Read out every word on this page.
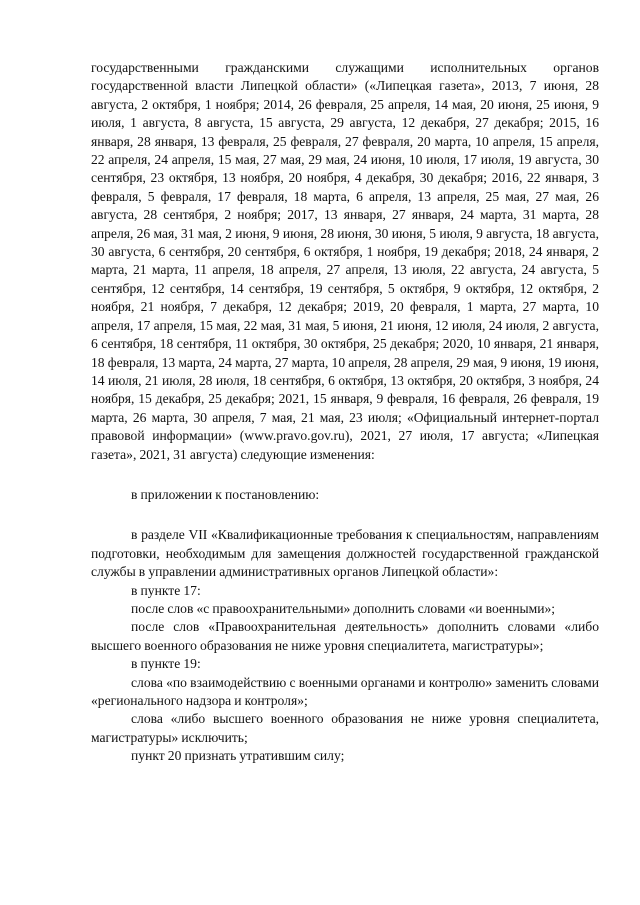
государственными гражданскими служащими исполнительных органов государственной власти Липецкой области» («Липецкая газета», 2013, 7 июня, 28 августа, 2 октября, 1 ноября; 2014, 26 февраля, 25 апреля, 14 мая, 20 июня, 25 июня, 9 июля, 1 августа, 8 августа, 15 августа, 29 августа, 12 декабря, 27 декабря; 2015, 16 января, 28 января, 13 февраля, 25 февраля, 27 февраля, 20 марта, 10 апреля, 15 апреля, 22 апреля, 24 апреля, 15 мая, 27 мая, 29 мая, 24 июня, 10 июля, 17 июля, 19 августа, 30 сентября, 23 октября, 13 ноября, 20 ноября, 4 декабря, 30 декабря; 2016, 22 января, 3 февраля, 5 февраля, 17 февраля, 18 марта, 6 апреля, 13 апреля, 25 мая, 27 мая, 26 августа, 28 сентября, 2 ноября; 2017, 13 января, 27 января, 24 марта, 31 марта, 28 апреля, 26 мая, 31 мая, 2 июня, 9 июня, 28 июня, 30 июня, 5 июля, 9 августа, 18 августа, 30 августа, 6 сентября, 20 сентября, 6 октября, 1 ноября, 19 декабря; 2018, 24 января, 2 марта, 21 марта, 11 апреля, 18 апреля, 27 апреля, 13 июля, 22 августа, 24 августа, 5 сентября, 12 сентября, 14 сентября, 19 сентября, 5 октября, 9 октября, 12 октября, 2 ноября, 21 ноября, 7 декабря, 12 декабря; 2019, 20 февраля, 1 марта, 27 марта, 10 апреля, 17 апреля, 15 мая, 22 мая, 31 мая, 5 июня, 21 июня, 12 июля, 24 июля, 2 августа, 6 сентября, 18 сентября, 11 октября, 30 октября, 25 декабря; 2020, 10 января, 21 января, 18 февраля, 13 марта, 24 марта, 27 марта, 10 апреля, 28 апреля, 29 мая, 9 июня, 19 июня, 14 июля, 21 июля, 28 июля, 18 сентября, 6 октября, 13 октября, 20 октября, 3 ноября, 24 ноября, 15 декабря, 25 декабря; 2021, 15 января, 9 февраля, 16 февраля, 26 февраля, 19 марта, 26 марта, 30 апреля, 7 мая, 21 мая, 23 июля; «Официальный интернет-портал правовой информации» (www.pravo.gov.ru), 2021, 27 июля, 17 августа; «Липецкая газета», 2021, 31 августа) следующие изменения:

в приложении к постановлению:

в разделе VII «Квалификационные требования к специальностям, направлениям подготовки, необходимым для замещения должностей государственной гражданской службы в управлении административных органов Липецкой области»:

в пункте 17:

после слов «с правоохранительными» дополнить словами «и военными»;

после слов «Правоохранительная деятельность» дополнить словами «либо высшего военного образования не ниже уровня специалитета, магистратуры»;

в пункте 19:

слова «по взаимодействию с военными органами и контролю» заменить словами «регионального надзора и контроля»;

слова «либо высшего военного образования не ниже уровня специалитета, магистратуры» исключить;

пункт 20 признать утратившим силу;
